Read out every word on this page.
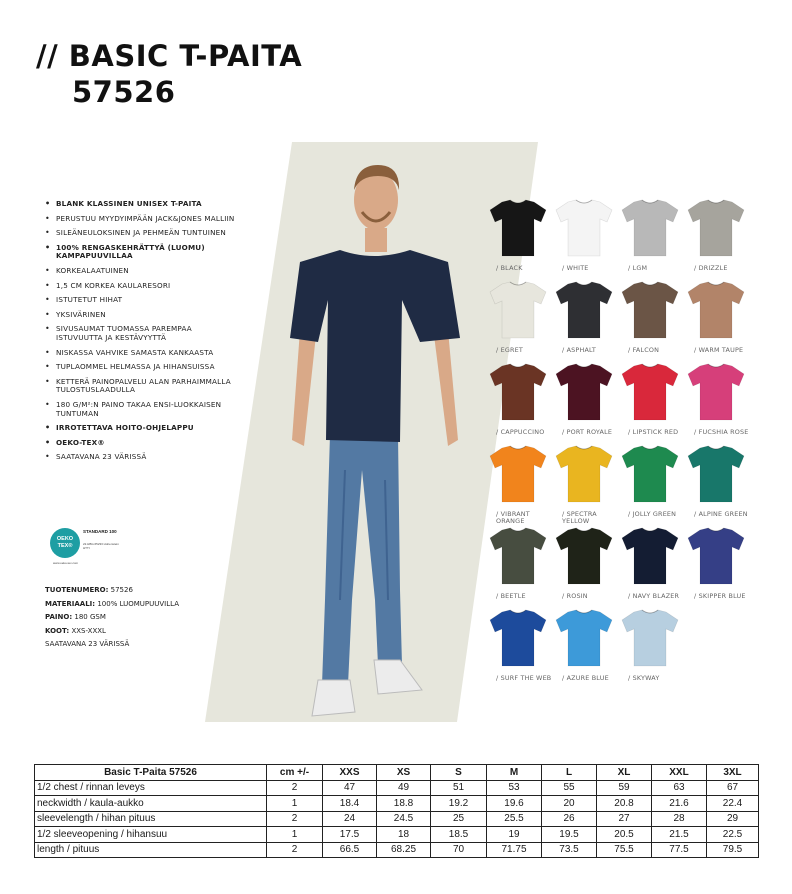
// BASIC T-PAITA
57526
• BLANK KLASSINEN UNISEX T-PAITA
• PERUSTUU MYYDYIMPÄÄN JACK&JONES MALLIIN
• SILEÄNEULOKSINEN JA PEHMEÄN TUNTUINEN
• 100% RENGASKEHRÄTTYÄ (LUOMU) KAMPAPUUVILLAA
• KORKEALAATUINEN
• 1,5 CM KORKEA KAULARESORI
• ISTUTETUT HIHAT
• YKSIVÄRINEN
• SIVUSAUMAT TUOMASSA PAREMPAA ISTUVUUTTA JA KESTÄVYYTTÄ
• NISKASSA VAHVIKE SAMASTA KANKAASTA
• TUPLAOMMEL HELMASSA JA HIHANSUISSA
• KETTERÄ PAINOPALVELU ALAN PARHAIMMALLA TULOSTUSLAADULLA
• 180 G/M²:N PAINO TAKAA ENSI-LUOKKAISEN TUNTUMAN
• IRROTETTAVA HOITO-OHJELAPPU
• OEKO-TEX®
• SAATAVANA 23 VÄRISSÄ
OEKO TEX®
STANDARD 100
22.HBG.65233 Hohenstein HTTI
www.oeko-tex.com
TUOTENUMERO: 57526
MATERIAALI: 100% LUOMUPUUVILLA
PAINO: 180 GSM
KOOT: XXS-XXXL
SAATAVANA 23 VÄRISSÄ
/ BLACK	/ WHITE	/ LGM	/ DRIZZLE
/ EGRET	/ ASPHALT	/ FALCON	/ WARM TAUPE
/ CAPPUCCINO	/ PORT ROYALE	/ LIPSTICK RED	/ FUCSHIA ROSE
/ VIBRANT ORANGE
/ SPECTRA YELLOW
/ JOLLY GREEN	/ ALPINE GREEN
/ BEETLE	/ ROSIN	/ NAVY BLAZER	/ SKIPPER BLUE
/ SURF THE WEB	/ AZURE BLUE	/ SKYWAY
Basic T-Paita 57526	cm +/-	XXS	XS	S	M	L	XL	XXL	3XL
1/2 chest / rinnan leveys	2	47	49	51	53	55	59	63	67
neckwidth / kaula-aukko	1	18.4	18.8	19.2	19.6	20	20.8	21.6	22.4
sleevelength / hihan pituus	2	24	24.5	25	25.5	26	27	28	29
1/2 sleeveopening / hihansuu	1	17.5	18	18.5	19	19.5	20.5	21.5	22.5
length / pituus	2	66.5	68.25	70	71.75	73.5	75.5	77.5	79.5
